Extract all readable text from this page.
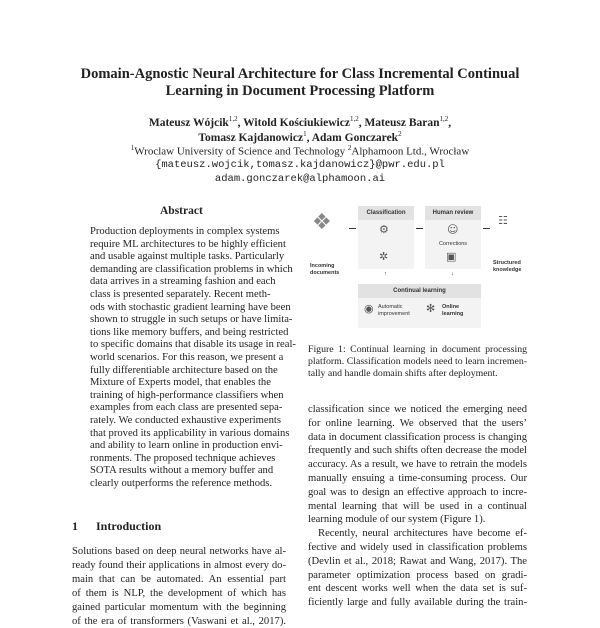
Domain-Agnostic Neural Architecture for Class Incremental Continual
Learning in Document Processing Platform
Mateusz Wójcik$^{1,2}$, Witold Kościukiewicz$^{1,2}$, Mateusz Baran$^{1,2}$,
Tomasz Kajdanowicz$^1$, Adam Gonczarek$^2$
$^1$Wroclaw University of Science and Technology $^2$Alphamoon Ltd., Wrocław
{mateusz.wojcik,tomasz.kajdanowicz}@pwr.edu.pl
adam.gonczarek@alphamoon.ai
Abstract
Production deployments in complex systems
require ML architectures to be highly efficient
and usable against multiple tasks. Particularly
demanding are classification problems in which
data arrives in a streaming fashion and each
class is presented separately. Recent meth-
ods with stochastic gradient learning have been
shown to struggle in such setups or have limita-
tions like memory buffers, and being restricted
to specific domains that disable its usage in real-
world scenarios. For this reason, we present a
fully differentiable architecture based on the
Mixture of Experts model, that enables the
training of high-performance classifiers when
examples from each class are presented sepa-
rately. We conducted exhaustive experiments
that proved its applicability in various domains
and ability to learn online in production envi-
ronments. The proposed technique achieves
SOTA results without a memory buffer and
clearly outperforms the reference methods.
1 Introduction
Solutions based on deep neural networks have al-
ready found their applications in almost every do-
main that can be automated. An essential part
of them is NLP, the development of which has
gained particular momentum with the beginning
of the era of transformers (Vaswani et al., 2017).
❖
Incoming documents
Classification
⚙
✲
Human review
☺
Corrections
▣
☷
Structured knowledge
↑	↓
Continual learning
◉ Automatic improvement	✻ Online learning
Figure 1: Continual learning in document processing
platform. Classification models need to learn incremen-
tally and handle domain shifts after deployment.
classification since we noticed the emerging need
for online learning. We observed that the users’
data in document classification process is changing
frequently and such shifts often decrease the model
accuracy. As a result, we have to retrain the models
manually ensuing a time-consuming process. Our
goal was to design an effective approach to incre-
mental learning that will be used in a continual
learning module of our system (Figure 1).
Recently, neural architectures have become ef-
fective and widely used in classification problems
(Devlin et al., 2018; Rawat and Wang, 2017). The
parameter optimization process based on gradi-
ent descent works well when the data set is suf-
ficiently large and fully available during the train-
